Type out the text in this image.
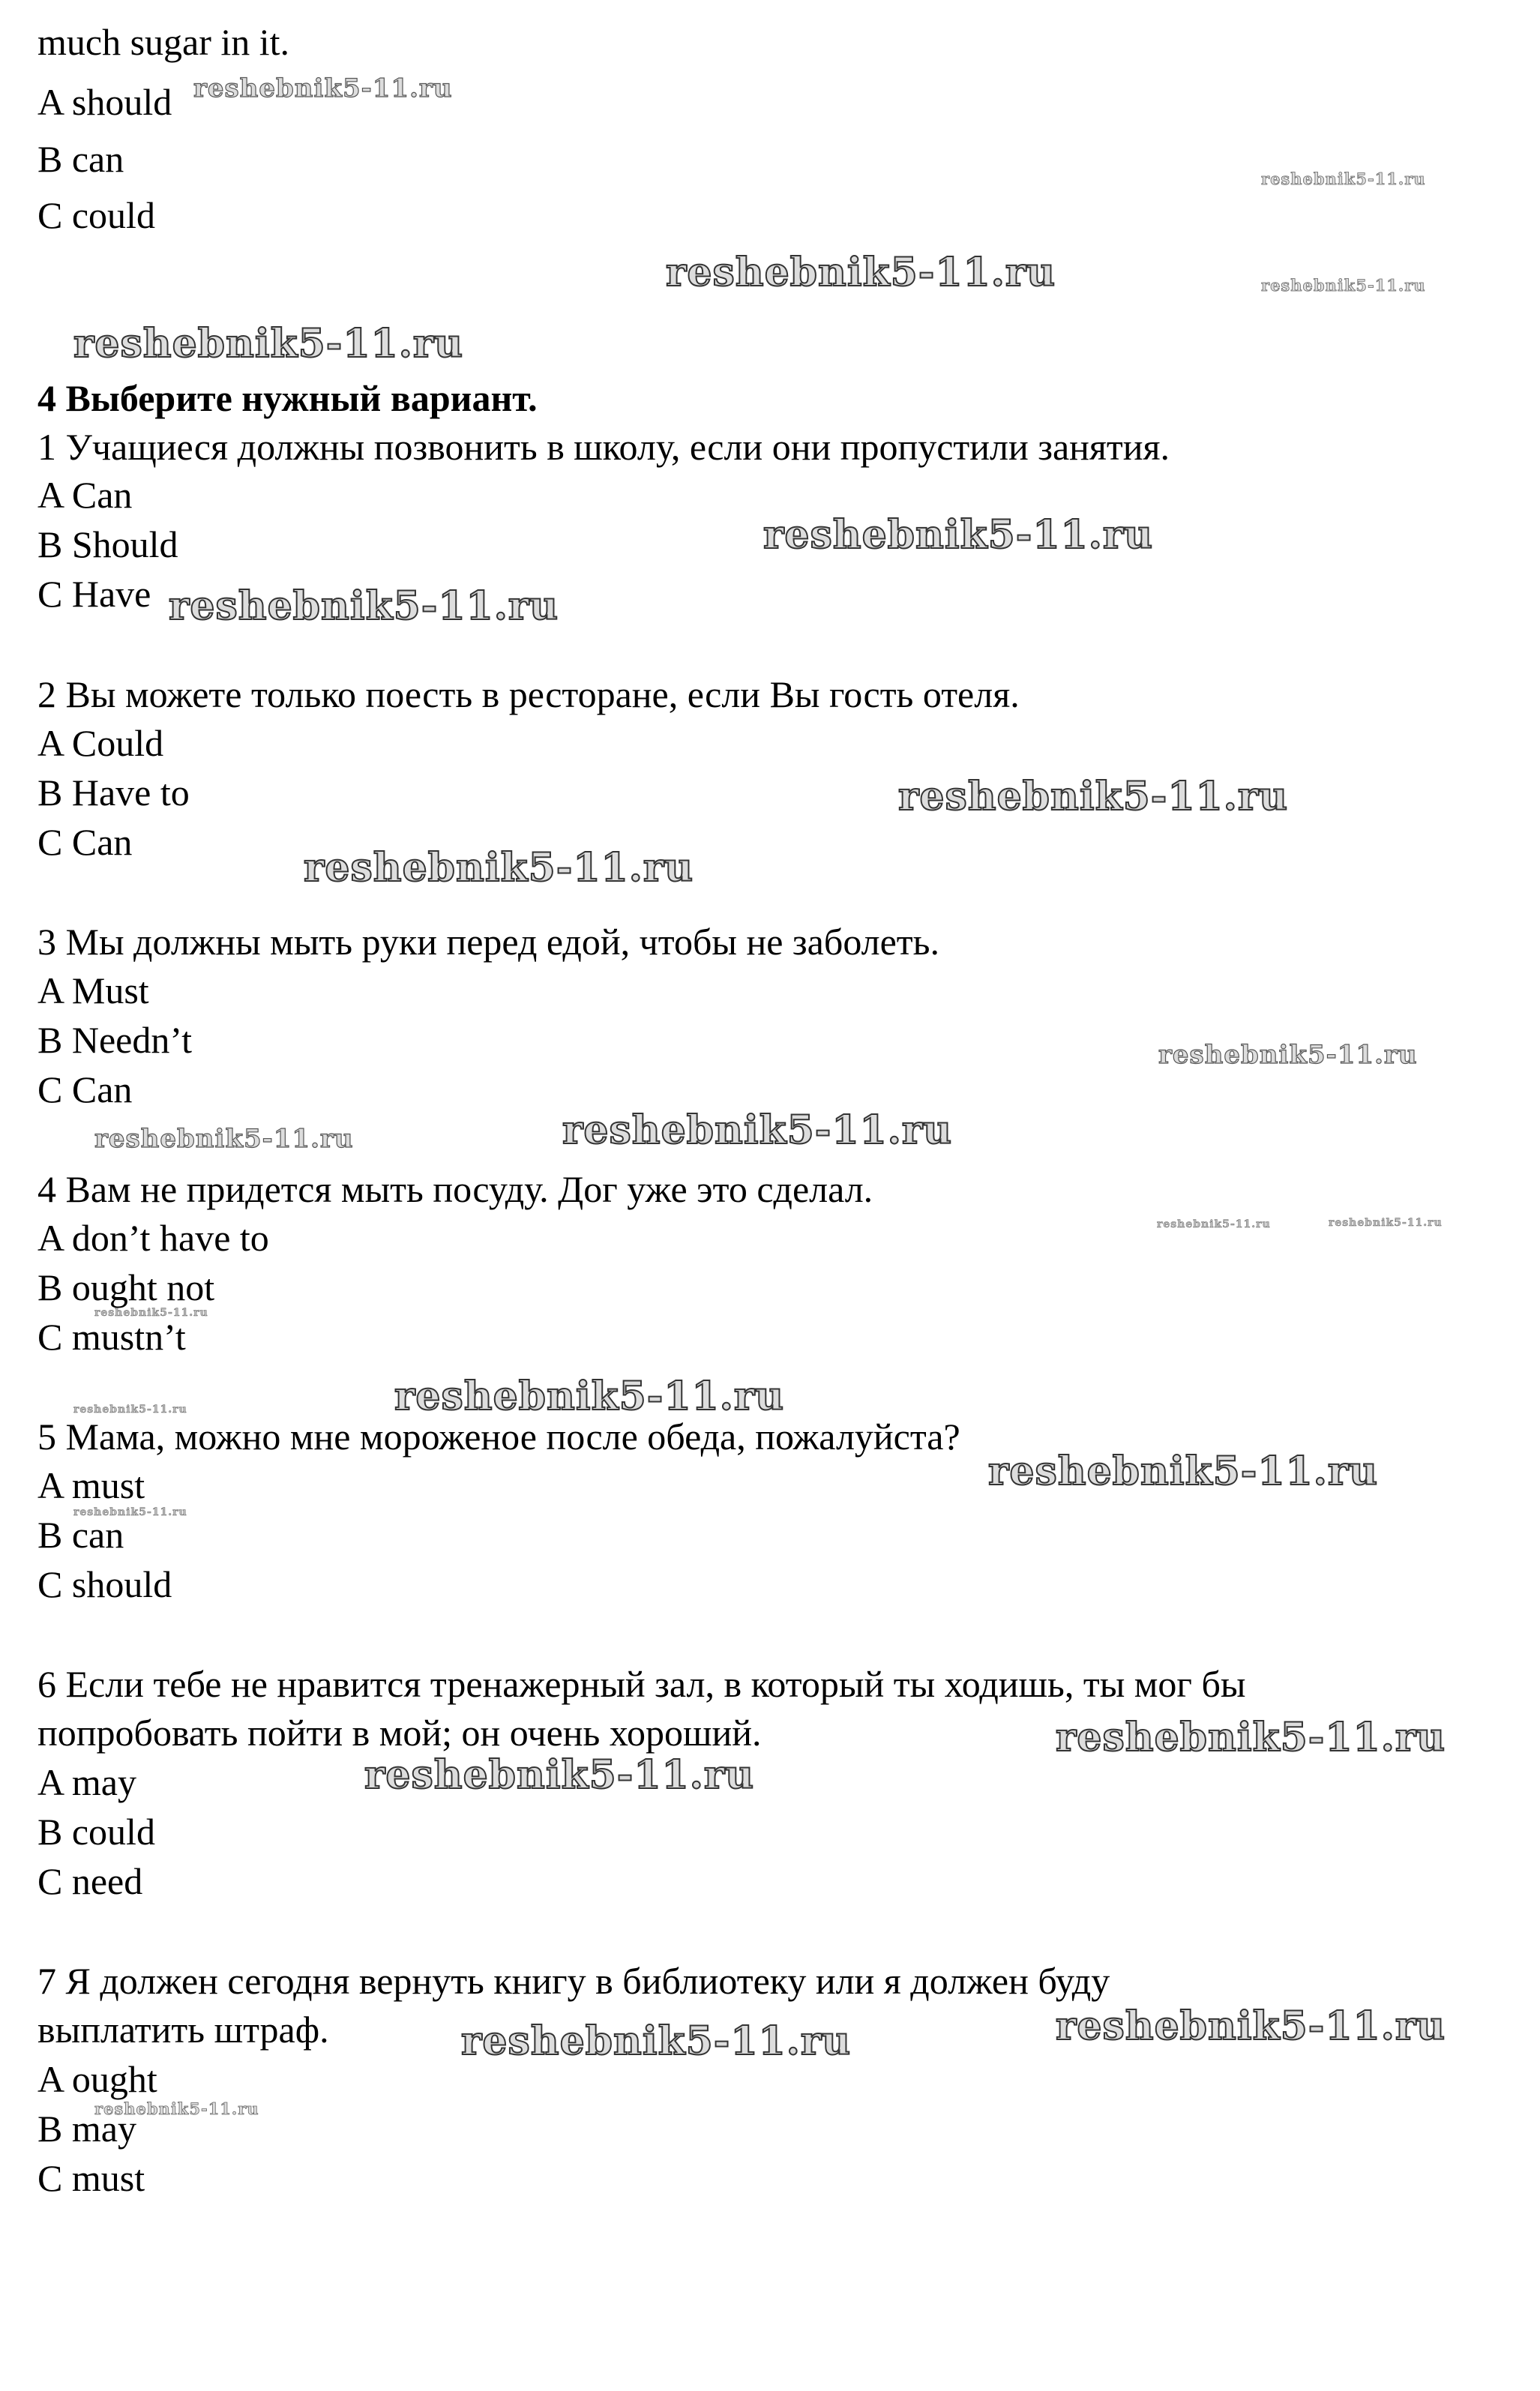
much sugar in it.

A should

B can

C could

4 Выберите нужный вариант.

1 Учащиеся должны позвонить в школу, если они пропустили занятия.

A Can

B Should

C Have

2 Вы можете только поесть в ресторане, если Вы гость отеля.

A Could

B Have to

C Can

3 Мы должны мыть руки перед едой, чтобы не заболеть.

A Must

B Needn’t

C Can

4 Вам не придется мыть посуду. Дог уже это сделал.

A don’t have to

B ought not

C mustn’t

5 Мама, можно мне мороженое после обеда, пожалуйста?

A must

B can

C should

6 Если тебе не нравится тренажерный зал, в который ты ходишь, ты мог бы

попробовать пойти в мой; он очень хороший.

A may

B could

C need

7 Я должен сегодня вернуть книгу в библиотеку или я должен буду

выплатить штраф.

A ought

B may

C must

reshebnik5-11.ru
reshebnik5-11.ru
reshebnik5-11.ru	reshebnik5-11.ru
reshebnik5-11.ru
reshebnik5-11.ru
reshebnik5-11.ru
reshebnik5-11.ru
reshebnik5-11.ru
reshebnik5-11.ru
reshebnik5-11.ru
reshebnik5-11.ru
reshebnik5-11.ru	reshebnik5-11.ru
reshebnik5-11.ru
reshebnik5-11.ru
reshebnik5-11.ru
reshebnik5-11.ru
reshebnik5-11.ru
reshebnik5-11.ru
reshebnik5-11.ru
reshebnik5-11.ru
reshebnik5-11.ru
reshebnik5-11.ru
